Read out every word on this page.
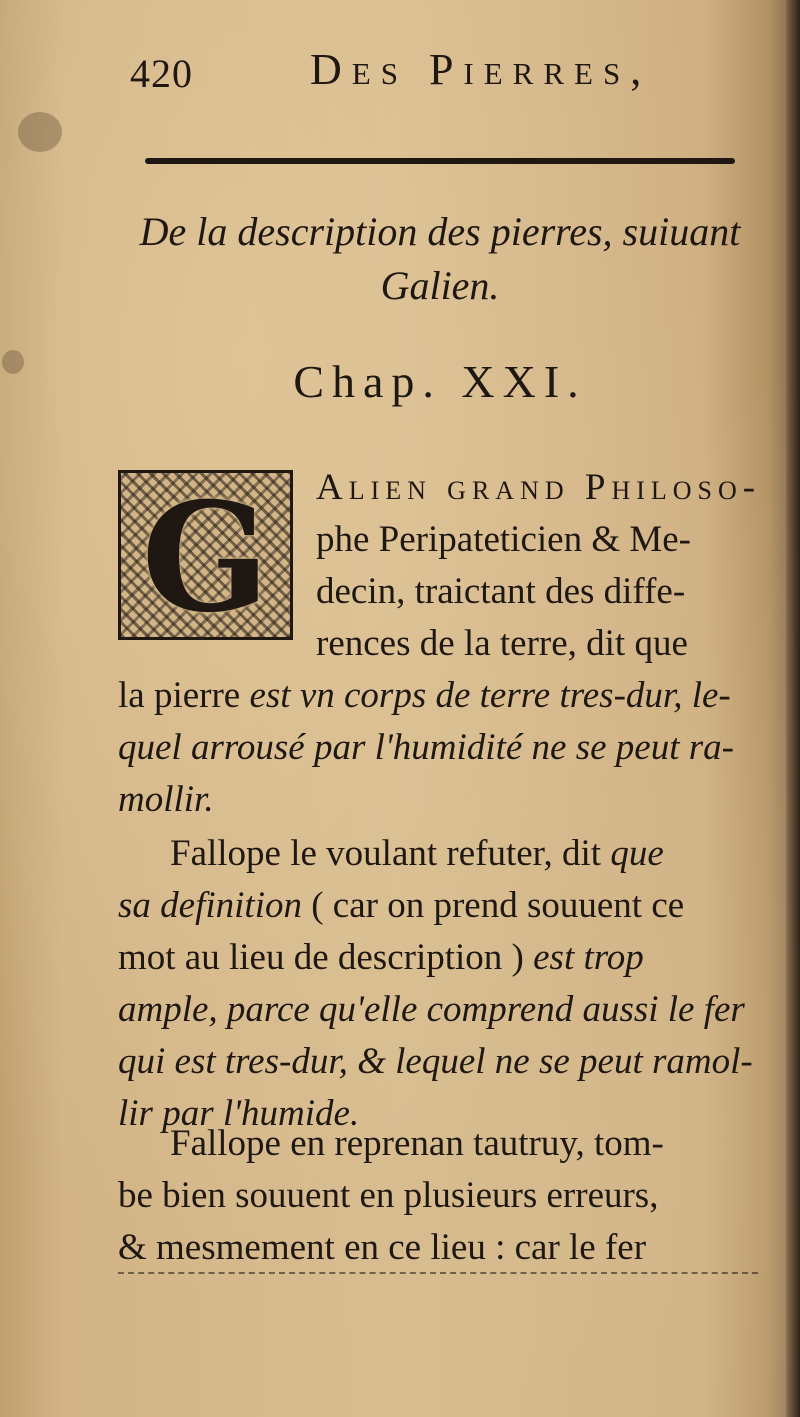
420	Des Pierres,
De la description des pierres, suiuant
Galien.
Chap. XXI.
G	Alien grand Philoso-
phe Peripateticien & Me-
decin, traictant des diffe-
rences de la terre, dit que
la pierre est vn corps de terre tres-dur, le-
quel arrousé par l'humidité ne se peut ra-
mollir.
Fallope le voulant refuter, dit que
sa definition ( car on prend souuent ce
mot au lieu de description ) est trop
ample, parce qu'elle comprend aussi le fer
qui est tres-dur, & lequel ne se peut ramol-
lir par l'humide.
Fallope en reprenan tautruy, tom-
be bien souuent en plusieurs erreurs,
& mesmement en ce lieu : car le fer
